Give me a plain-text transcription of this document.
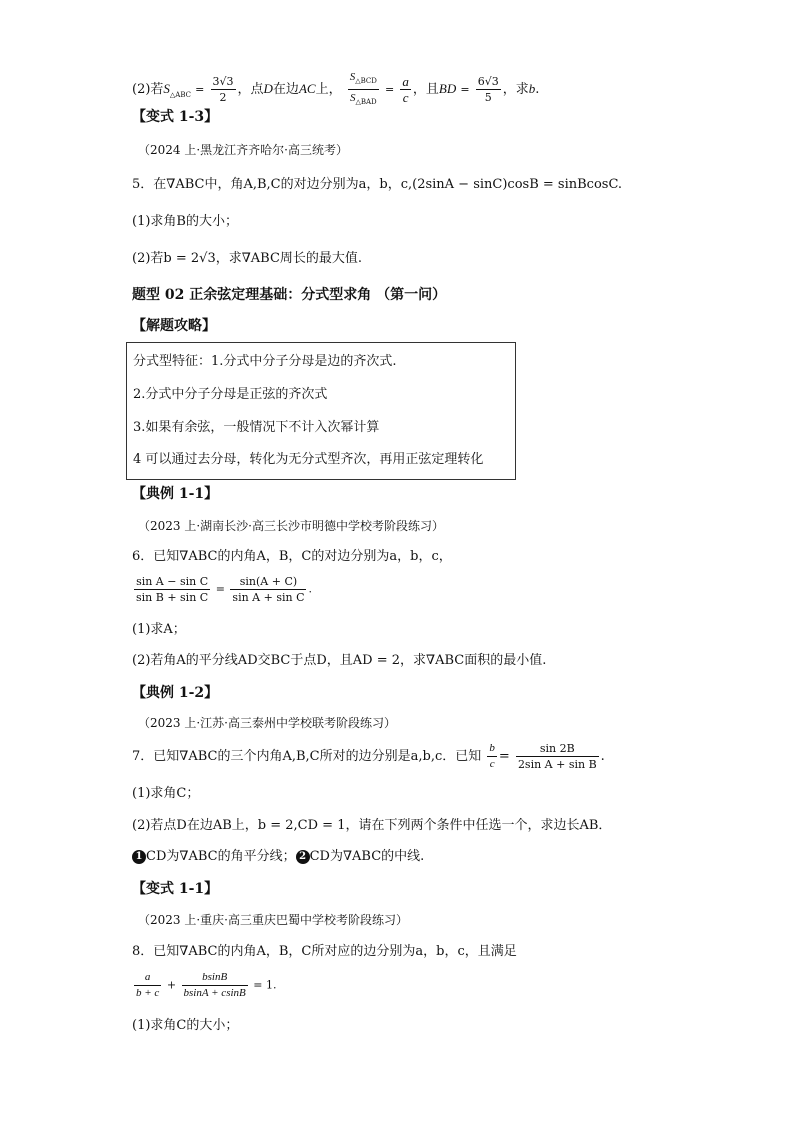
(2)若$S_{\triangle ABC} = \frac{3√3}{2}$ ，点D在边AC上， $\frac{S_{\triangle BCD}}{S_{\triangle BAD}} = \frac{a}{c}$ ，且BD = $\frac{6√3}{5}$ ，求b.
【变式 1-3】
（2024 上·黑龙江齐齐哈尔·高三统考）
5．在∇ABC中，角A,B,C的对边分别为a，b，c,(2sinA − sinC)cosB = sinBcosC.
(1)求角B的大小；
(2)若b = 2√3，求∇ABC周长的最大值.
题型 02 正余弦定理基础：分式型求角 （第一问）
【解题攻略】
分式型特征：1.分式中分子分母是边的齐次式.
2.分式中分子分母是正弦的齐次式
3.如果有余弦，一般情况下不计入次幂计算
4 可以通过去分母，转化为无分式型齐次，再用正弦定理转化
【典例 1-1】
（2023 上·湖南长沙·高三长沙市明德中学校考阶段练习）
6．已知∇ABC的内角A，B，C的对边分别为a，b，c，
$\frac{\text{sin A − sin C}}{\text{sin B + sin C}} = \frac{\sin(A + C)}{\text{sin A + sin C}}$ .
(1)求A；
(2)若角A的平分线AD交BC于点D，且AD = 2，求∇ABC面积的最小值.
【典例 1-2】
（2023 上·江苏·高三泰州中学校联考阶段练习）
7．已知∇ABC的三个内角A,B,C所对的边分别是a,b,c．已知 $\frac{b}{c} = \frac{\sin 2B}{\text{2sin A + sin B}}$ .
(1)求角C；
(2)若点D在边AB上，b = 2,CD = 1，请在下列两个条件中任选一个，求边长AB．
1 CD为∇ABC的角平分线； 2 CD为∇ABC的中线.
【变式 1-1】
（2023 上·重庆·高三重庆巴蜀中学校考阶段练习）
8．已知∇ABC的内角A，B，C所对应的边分别为a，b，c，且满足
$\frac{a}{b + c} + \frac{bsinB}{bsinA + csinB} = 1$.
(1)求角C的大小；
